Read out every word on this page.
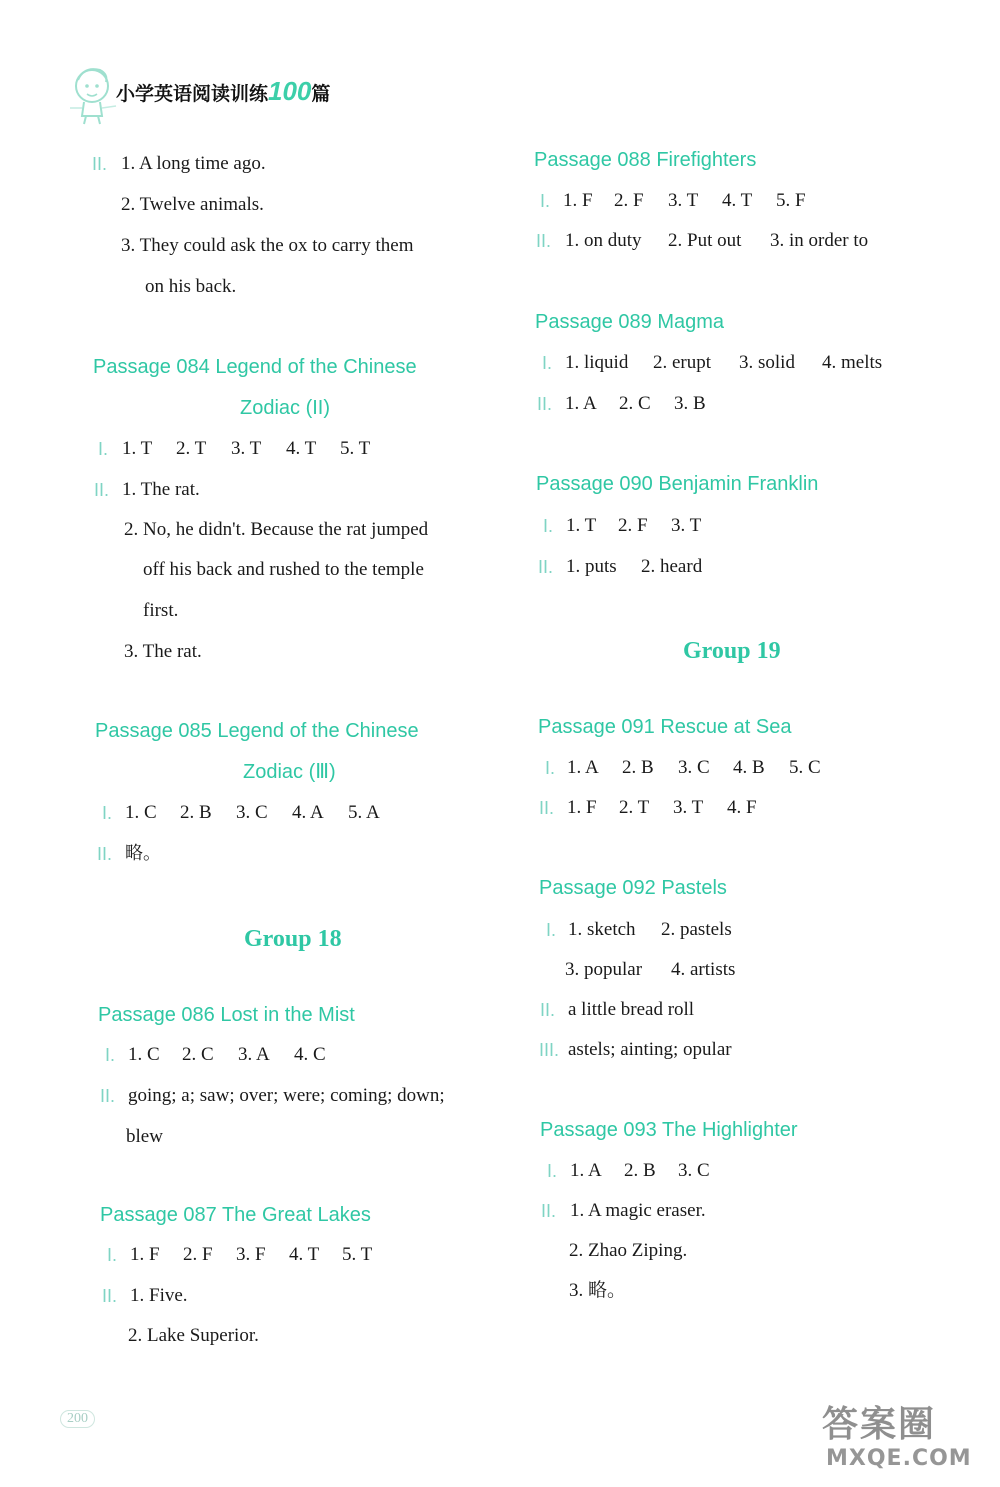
小学英语阅读训练100篇
II. 1. A long time ago.
2. Twelve animals.
3. They could ask the ox to carry them
on his back.
Passage 084 Legend of the Chinese
Zodiac (II)
I. 1. T 2. T 3. T 4. T 5. T
II. 1. The rat.
2. No, he didn't. Because the rat jumped
off his back and rushed to the temple
first.
3. The rat.
Passage 085 Legend of the Chinese
Zodiac (Ⅲ)
I. 1. C 2. B 3. C 4. A 5. A
II. 略。
Group 18
Passage 086 Lost in the Mist
I. 1. C 2. C 3. A 4. C
II. going; a; saw; over; were; coming; down;
blew
Passage 087 The Great Lakes
I. 1. F 2. F 3. F 4. T 5. T
II. 1. Five.
2. Lake Superior.
Passage 088 Firefighters
I. 1. F 2. F 3. T 4. T 5. F
II. 1. on duty 2. Put out 3. in order to
Passage 089 Magma
I. 1. liquid 2. erupt 3. solid 4. melts
II. 1. A 2. C 3. B
Passage 090 Benjamin Franklin
I. 1. T 2. F 3. T
II. 1. puts 2. heard
Group 19
Passage 091 Rescue at Sea
I. 1. A 2. B 3. C 4. B 5. C
II. 1. F 2. T 3. T 4. F
Passage 092 Pastels
I. 1. sketch 2. pastels
3. popular 4. artists
II. a little bread roll
III. astels; ainting; opular
Passage 093 The Highlighter
I. 1. A 2. B 3. C
II. 1. A magic eraser.
2. Zhao Ziping.
3. 略。
200	答案圈
MXQE.COM
